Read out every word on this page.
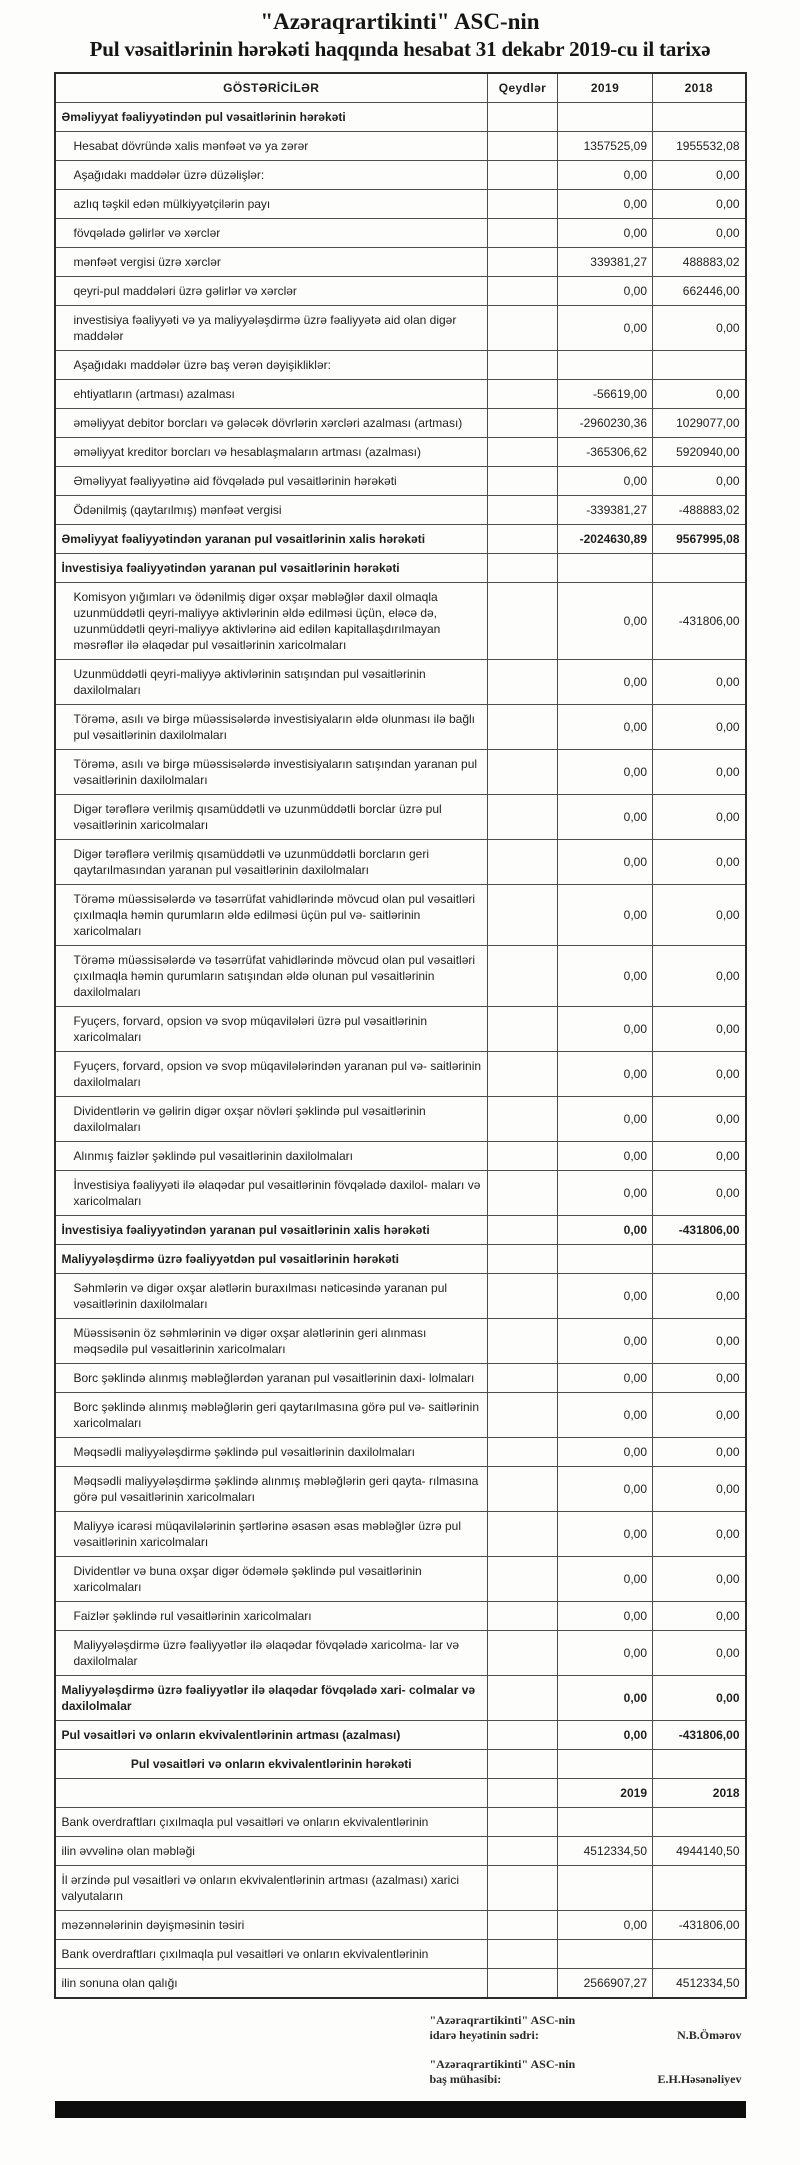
"Azəraqrartikinti" ASC-nin
Pul vəsaitlərinin hərəkəti haqqında hesabat 31 dekabr 2019-cu il tarixə
GÖSTƏRİCİLƏR	Qeydlər	2019	2018
Əməliyyat fəaliyyətindən pul vəsaitlərinin hərəkəti			
Hesabat dövründə xalis mənfəət və ya zərər		1357525,09	1955532,08
Aşağıdakı maddələr üzrə düzəlişlər:		0,00	0,00
azlıq təşkil edən mülkiyyətçilərin payı		0,00	0,00
fövqəladə gəlirlər və xərclər		0,00	0,00
mənfəət vergisi üzrə xərclər		339381,27	488883,02
qeyri-pul maddələri üzrə gəlirlər və xərclər		0,00	662446,00
investisiya fəaliyyəti və ya maliyyələşdirmə üzrə fəaliyyətə aid olan digər maddələr		0,00	0,00
Aşağıdakı maddələr üzrə baş verən dəyişikliklər:			
ehtiyatların (artması) azalması		-56619,00	0,00
əməliyyat debitor borcları və gələcək dövrlərin xərcləri azalması (artması)		-2960230,36	1029077,00
əməliyyat kreditor borcları və hesablaşmaların artması (azalması)		-365306,62	5920940,00
Əməliyyat fəaliyyətinə aid fövqəladə pul vəsaitlərinin hərəkəti		0,00	0,00
Ödənilmiş (qaytarılmış) mənfəət vergisi		-339381,27	-488883,02
Əməliyyat fəaliyyətindən yaranan pul vəsaitlərinin xalis hərəkəti		-2024630,89	9567995,08
İnvestisiya fəaliyyətindən yaranan pul vəsaitlərinin hərəkəti			
Komisyon yığımları və ödənilmiş digər oxşar məbləğlər daxil olmaqla uzunmüddətli qeyri-maliyyə aktivlərinin əldə edilməsi üçün, eləcə də, uzunmüddətli qeyri-maliyyə aktivlərinə aid edilən kapitallaşdırılmayan məsrəflər ilə əlaqədar pul vəsaitlərinin xaricolmaları		0,00	-431806,00
Uzunmüddətli qeyri-maliyyə aktivlərinin satışından pul vəsaitlərinin daxilolmaları		0,00	0,00
Törəmə, asılı və birgə müəssisələrdə investisiyaların əldə olunması ilə bağlı pul vəsaitlərinin daxilolmaları		0,00	0,00
Törəmə, asılı və birgə müəssisələrdə investisiyaların satışından yaranan pul vəsaitlərinin daxilolmaları		0,00	0,00
Digər tərəflərə verilmiş qısamüddətli və uzunmüddətli borclar üzrə pul vəsaitlərinin xaricolmaları		0,00	0,00
Digər tərəflərə verilmiş qısamüddətli və uzunmüddətli borcların geri qaytarılmasından yaranan pul vəsaitlərinin daxilolmaları		0,00	0,00
Törəmə müəssisələrdə və təsərrüfat vahidlərində mövcud olan pul vəsaitləri çıxılmaqla həmin qurumların əldə edilməsi üçün pul və- saitlərinin xaricolmaları		0,00	0,00
Törəmə müəssisələrdə və təsərrüfat vahidlərində mövcud olan pul vəsaitləri çıxılmaqla həmin qurumların satışından əldə olunan pul vəsaitlərinin daxilolmaları		0,00	0,00
Fyuçers, forvard, opsion və svop müqavilələri üzrə pul vəsaitlərinin xaricolmaları		0,00	0,00
Fyuçers, forvard, opsion və svop müqavilələrindən yaranan pul və- saitlərinin daxilolmaları		0,00	0,00
Dividentlərin və gəlirin digər oxşar növləri şəklində pul vəsaitlərinin daxilolmaları		0,00	0,00
Alınmış faizlər şəklində pul vəsaitlərinin daxilolmaları		0,00	0,00
İnvestisiya fəaliyyəti ilə əlaqədar pul vəsaitlərinin fövqəladə daxilol- maları və xaricolmaları		0,00	0,00
İnvestisiya fəaliyyətindən yaranan pul vəsaitlərinin xalis hərəkəti		0,00	-431806,00
Maliyyələşdirmə üzrə fəaliyyətdən pul vəsaitlərinin hərəkəti			
Səhmlərin və digər oxşar alətlərin buraxılması nəticəsində yaranan pul vəsaitlərinin daxilolmaları		0,00	0,00
Müəssisənin öz səhmlərinin və digər oxşar alətlərinin geri alınması məqsədilə pul vəsaitlərinin xaricolmaları		0,00	0,00
Borc şəklində alınmış məbləğlərdən yaranan pul vəsaitlərinin daxi- lolmaları		0,00	0,00
Borc şəklində alınmış məbləğlərin geri qaytarılmasına görə pul və- saitlərinin xaricolmaları		0,00	0,00
Məqsədli maliyyələşdirmə şəklində pul vəsaitlərinin daxilolmaları		0,00	0,00
Məqsədli maliyyələşdirmə şəklində alınmış məbləğlərin geri qayta- rılmasına görə pul vəsaitlərinin xaricolmaları		0,00	0,00
Maliyyə icarəsi müqavilələrinin şərtlərinə əsasən əsas məbləğlər üzrə pul vəsaitlərinin xaricolmaları		0,00	0,00
Dividentlər və buna oxşar digər ödəmələ şəklində pul vəsaitlərinin xaricolmaları		0,00	0,00
Faizlər şəklində rul vəsaitlərinin xaricolmaları		0,00	0,00
Maliyyələşdirmə üzrə fəaliyyətlər ilə əlaqədar fövqəladə xaricolma- lar və daxilolmalar		0,00	0,00
Maliyyələşdirmə üzrə fəaliyyətlər ilə əlaqədar fövqəladə xari- colmalar və daxilolmalar		0,00	0,00
Pul vəsaitləri və onların ekvivalentlərinin artması (azalması)		0,00	-431806,00
Pul vəsaitləri və onların ekvivalentlərinin hərəkəti			
		2019	2018
Bank overdraftları çıxılmaqla pul vəsaitləri və onların ekvivalentlərinin			
ilin əvvəlinə olan məbləği		4512334,50	4944140,50
İl ərzində pul vəsaitləri və onların ekvivalentlərinin artması (azalması) xarici valyutaların			
məzənnələrinin dəyişməsinin təsiri		0,00	-431806,00
Bank overdraftları çıxılmaqla pul vəsaitləri və onların ekvivalentlərinin			
ilin sonuna olan qalığı		2566907,27	4512334,50
"Azəraqrartikinti" ASC-nin
idarə heyətinin sədri:	N.B.Ömərov
"Azəraqrartikinti" ASC-nin
baş mühasibi:	E.H.Həsənəliyev
